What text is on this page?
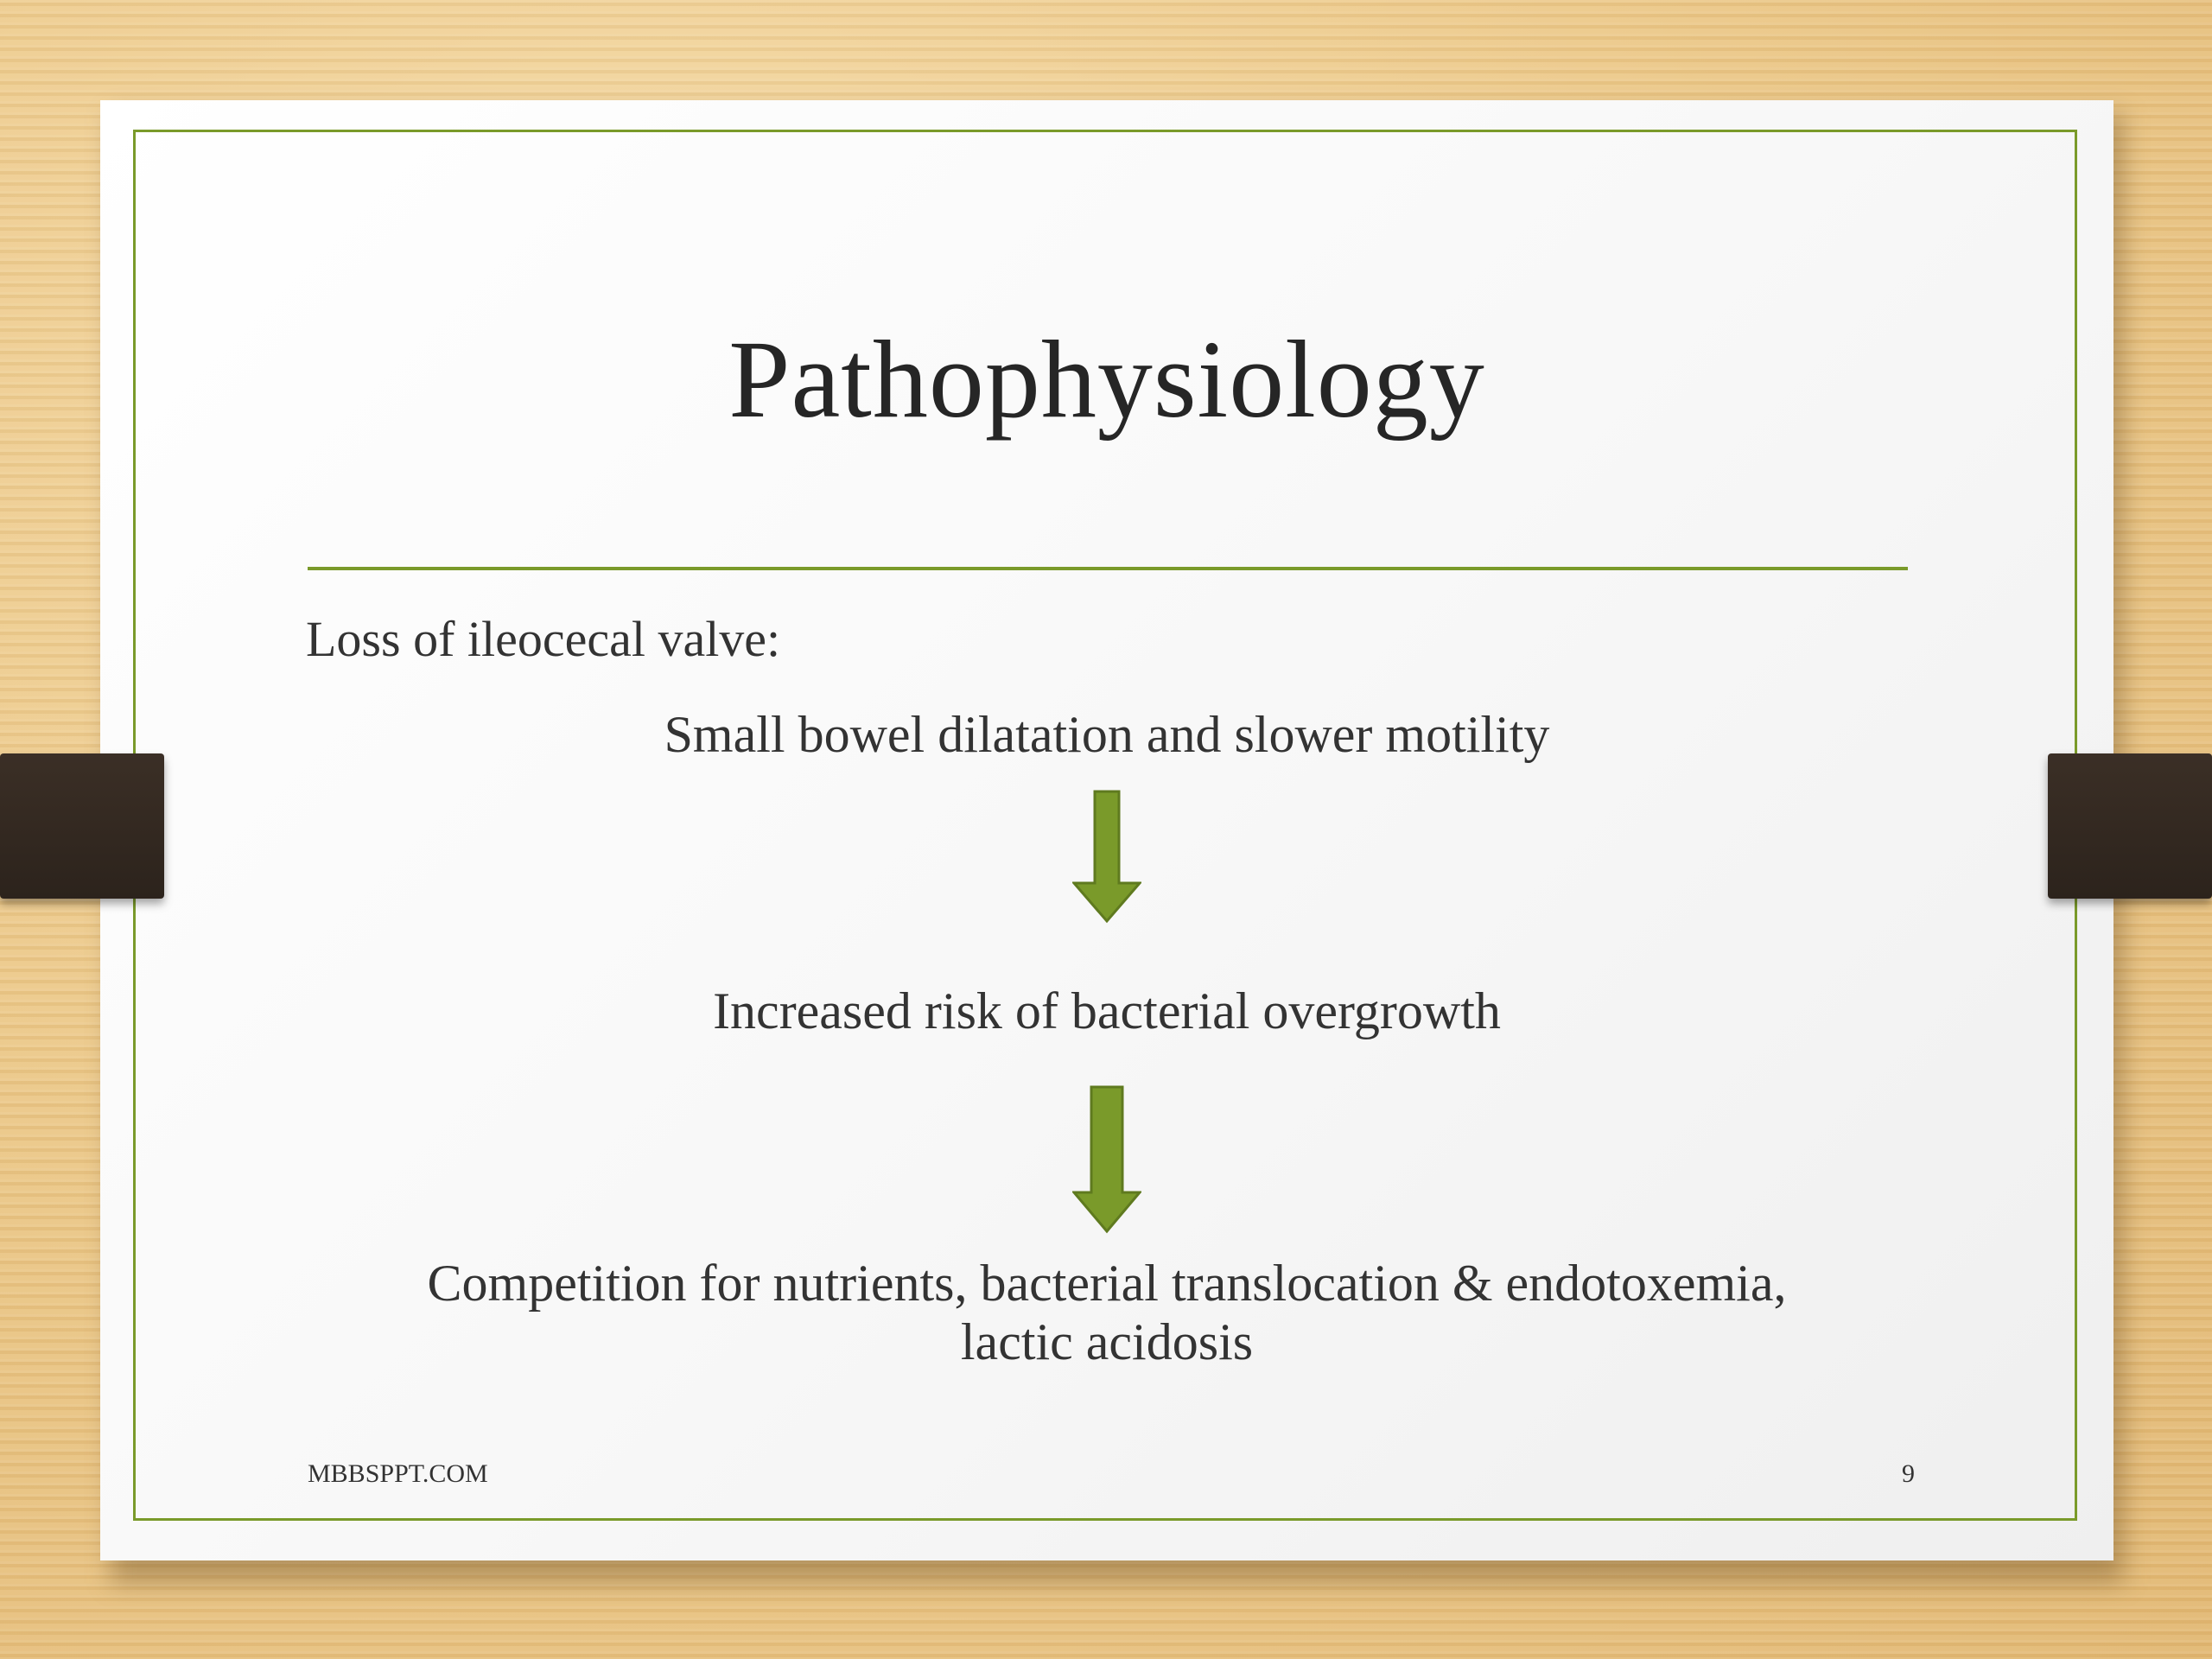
Pathophysiology
Loss of ileocecal valve:
Small bowel dilatation and slower motility
Increased risk of bacterial overgrowth
Competition for nutrients, bacterial translocation & endotoxemia,
lactic acidosis
MBBSPPT.COM	9
